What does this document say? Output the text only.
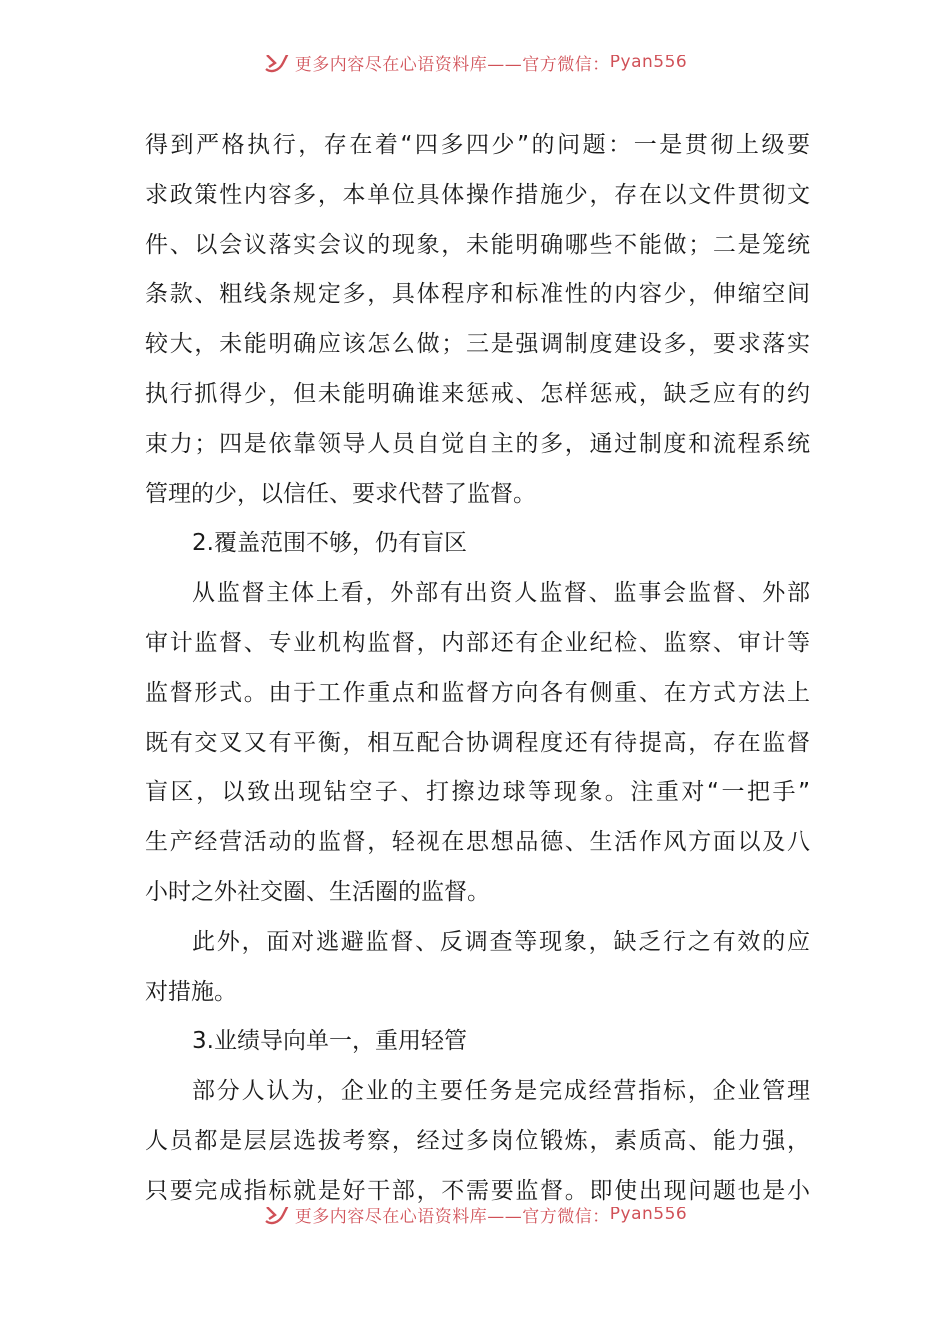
更多内容尽在心语资料库——官方微信： Pyan556
得到严格执行，存在着“四多四少”的问题：一是贯彻上级要
求政策性内容多，本单位具体操作措施少，存在以文件贯彻文
件、以会议落实会议的现象，未能明确哪些不能做；二是笼统
条款、粗线条规定多，具体程序和标准性的内容少，伸缩空间
较大，未能明确应该怎么做；三是强调制度建设多，要求落实
执行抓得少，但未能明确谁来惩戒、怎样惩戒，缺乏应有的约
束力；四是依靠领导人员自觉自主的多，通过制度和流程系统
管理的少，以信任、要求代替了监督。
2.覆盖范围不够，仍有盲区
从监督主体上看，外部有出资人监督、监事会监督、外部
审计监督、专业机构监督，内部还有企业纪检、监察、审计等
监督形式。由于工作重点和监督方向各有侧重、在方式方法上
既有交叉又有平衡，相互配合协调程度还有待提高，存在监督
盲区，以致出现钻空子、打擦边球等现象。注重对“一把手”
生产经营活动的监督，轻视在思想品德、生活作风方面以及八
小时之外社交圈、生活圈的监督。
此外，面对逃避监督、反调查等现象，缺乏行之有效的应
对措施。
3.业绩导向单一，重用轻管
部分人认为，企业的主要任务是完成经营指标，企业管理
人员都是层层选拔考察，经过多岗位锻炼，素质高、能力强，
只要完成指标就是好干部，不需要监督。即使出现问题也是小
更多内容尽在心语资料库——官方微信： Pyan556
